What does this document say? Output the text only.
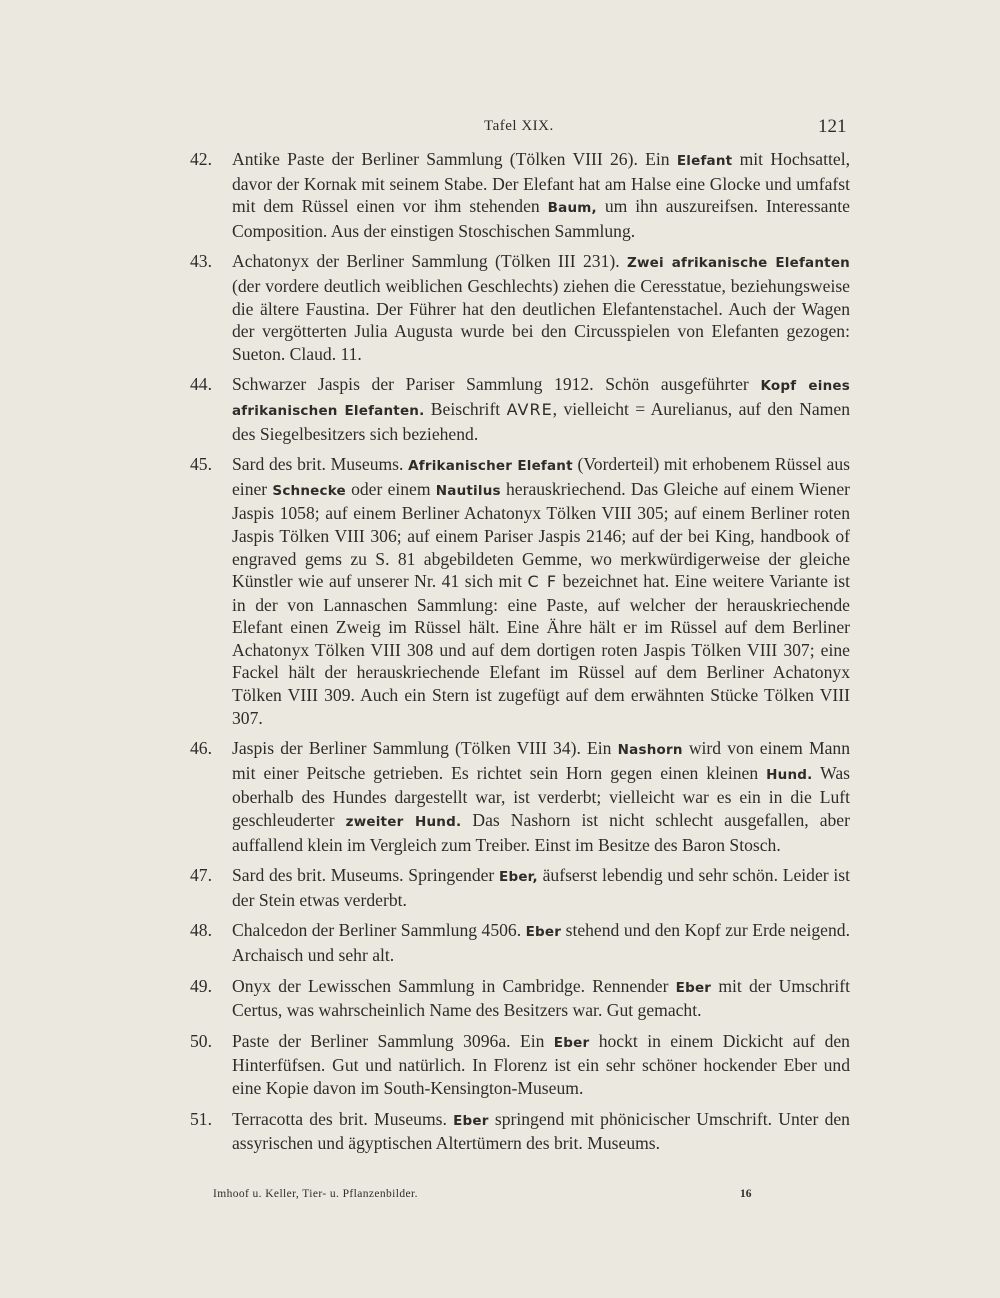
Tafel XIX.	121
42.	Antike Paste der Berliner Sammlung (Tölken VIII 26). Ein Elefant mit Hochsattel, davor der Kornak mit seinem Stabe. Der Elefant hat am Halse eine Glocke und umfafst mit dem Rüssel einen vor ihm stehenden Baum, um ihn auszureifsen. Interessante Composition. Aus der einstigen Stoschischen Sammlung.
43.	Achatonyx der Berliner Sammlung (Tölken III 231). Zwei afrikanische Elefanten (der vordere deutlich weiblichen Geschlechts) ziehen die Ceresstatue, beziehungsweise die ältere Faustina. Der Führer hat den deutlichen Elefantenstachel. Auch der Wagen der vergötterten Julia Augusta wurde bei den Circusspielen von Elefanten gezogen: Sueton. Claud. 11.
44.	Schwarzer Jaspis der Pariser Sammlung 1912. Schön ausgeführter Kopf eines afrikanischen Elefanten. Beischrift AVRE, vielleicht = Aurelianus, auf den Namen des Siegelbesitzers sich beziehend.
45.	Sard des brit. Museums. Afrikanischer Elefant (Vorderteil) mit erhobenem Rüssel aus einer Schnecke oder einem Nautilus herauskriechend. Das Gleiche auf einem Wiener Jaspis 1058; auf einem Berliner Achatonyx Tölken VIII 305; auf einem Berliner roten Jaspis Tölken VIII 306; auf einem Pariser Jaspis 2146; auf der bei King, handbook of engraved gems zu S. 81 abgebildeten Gemme, wo merkwürdigerweise der gleiche Künstler wie auf unserer Nr. 41 sich mit C F bezeichnet hat. Eine weitere Variante ist in der von Lannaschen Sammlung: eine Paste, auf welcher der herauskriechende Elefant einen Zweig im Rüssel hält. Eine Ähre hält er im Rüssel auf dem Berliner Achatonyx Tölken VIII 308 und auf dem dortigen roten Jaspis Tölken VIII 307; eine Fackel hält der herauskriechende Elefant im Rüssel auf dem Berliner Achatonyx Tölken VIII 309. Auch ein Stern ist zugefügt auf dem erwähnten Stücke Tölken VIII 307.
46.	Jaspis der Berliner Sammlung (Tölken VIII 34). Ein Nashorn wird von einem Mann mit einer Peitsche getrieben. Es richtet sein Horn gegen einen kleinen Hund. Was oberhalb des Hundes dargestellt war, ist verderbt; vielleicht war es ein in die Luft geschleuderter zweiter Hund. Das Nashorn ist nicht schlecht ausgefallen, aber auffallend klein im Vergleich zum Treiber. Einst im Besitze des Baron Stosch.
47.	Sard des brit. Museums. Springender Eber, äufserst lebendig und sehr schön. Leider ist der Stein etwas verderbt.
48.	Chalcedon der Berliner Sammlung 4506. Eber stehend und den Kopf zur Erde neigend. Archaisch und sehr alt.
49.	Onyx der Lewisschen Sammlung in Cambridge. Rennender Eber mit der Umschrift Certus, was wahrscheinlich Name des Besitzers war. Gut gemacht.
50.	Paste der Berliner Sammlung 3096a. Ein Eber hockt in einem Dickicht auf den Hinterfüfsen. Gut und natürlich. In Florenz ist ein sehr schöner hockender Eber und eine Kopie davon im South-Kensington-Museum.
51.	Terracotta des brit. Museums. Eber springend mit phönicischer Umschrift. Unter den assyrischen und ägyptischen Altertümern des brit. Museums.
Imhoof u. Keller, Tier- u. Pflanzenbilder.	16
